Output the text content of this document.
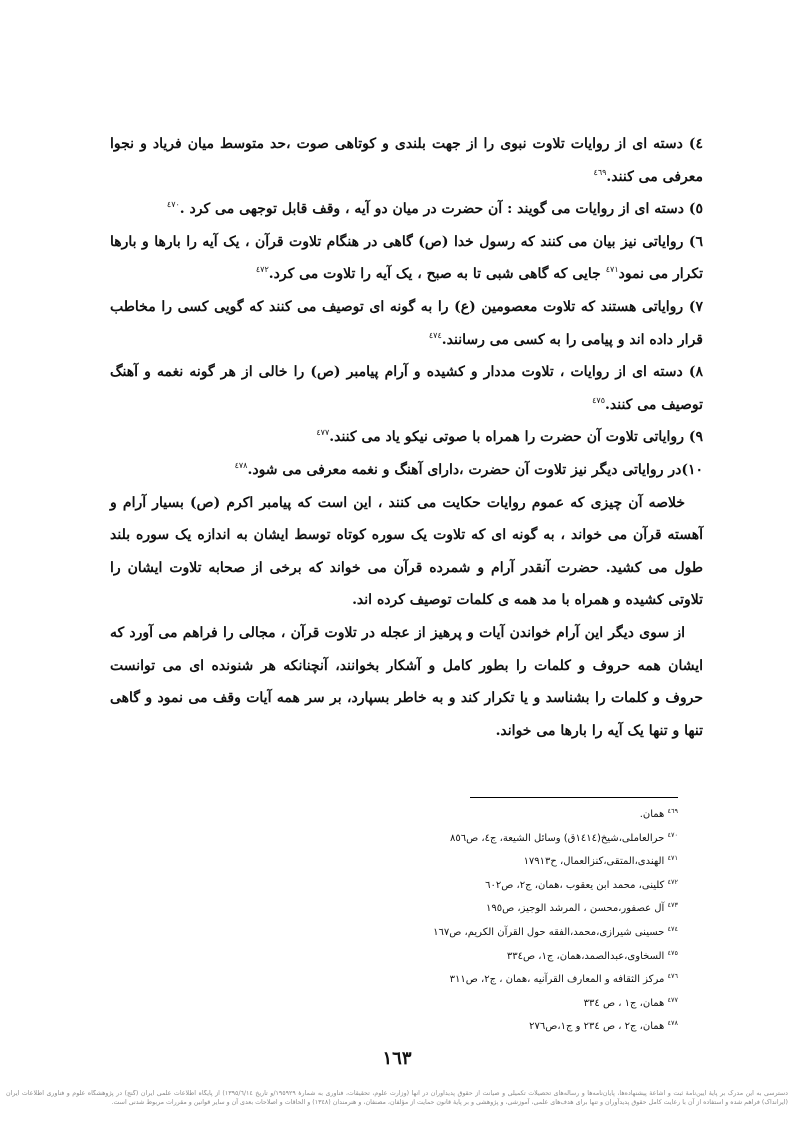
٤) دسته ای از روایات تلاوت نبوی را از جهت بلندی و کوتاهی صوت ،حد متوسط میان فریاد و نجوا معرفی می کنند.$^{٤٦٩}$

٥) دسته ای از روایات می گویند : آن حضرت در میان دو آیه ، وقف قابل توجهی می کرد .$^{٤٧٠}$

٦) روایاتی نیز بیان می کنند که رسول خدا (ص) گاهی در هنگام تلاوت قرآن ، یک آیه را بارها و بارها تکرار می نمود$^{٤٧١}$ جایی که گاهی شبی تا به صبح ، یک آیه را تلاوت می کرد.$^{٤٧٢}$

٧) روایاتی هستند که تلاوت معصومین (ع) را به گونه ای توصیف می کنند که گویی کسی را مخاطب قرار داده اند و پیامی را به کسی می رسانند.$^{٤٧٤}$

٨) دسته ای از روایات ، تلاوت مددار و کشیده و آرام پیامبر (ص) را خالی از هر گونه نغمه و آهنگ توصیف می کنند.$^{٤٧٥}$

٩) روایاتی تلاوت آن حضرت را همراه با صوتی نیکو یاد می کنند.$^{٤٧٧}$

١٠)در روایاتی دیگر نیز تلاوت آن حضرت ،دارای آهنگ و نغمه معرفی می شود.$^{٤٧٨}$

خلاصه آن چیزی که عموم روایات حکایت می کنند ، این است که پیامبر اکرم (ص) بسیار آرام و آهسته قرآن می خواند ، به گونه ای که تلاوت یک سوره کوتاه توسط ایشان به اندازه یک سوره بلند طول می کشید. حضرت آنقدر آرام و شمرده قرآن می خواند که برخی از صحابه تلاوت ایشان را تلاوتی کشیده و همراه با مد همه ی کلمات توصیف کرده اند.

از سوی دیگر این آرام خواندن آیات و پرهیز از عجله در تلاوت قرآن ، مجالی را فراهم می آورد که ایشان همه حروف و کلمات را بطور کامل و آشکار بخوانند، آنچنانکه هر شنونده ای می توانست حروف و کلمات را بشناسد و یا تکرار کند و به خاطر بسپارد، بر سر همه آیات وقف می نمود و گاهی تنها و تنها یک آیه را بارها می خواند.

$^{٤٦٩}$ همان.

$^{٤٧٠}$ حرالعاملی،شیخ(١٤١٤ق) وسائل الشیعة، ج٤، ص٨٥٦

$^{٤٧١}$ الهندی،المتقی،کنزالعمال، ح١٧٩١٣

$^{٤٧٢}$ کلینی، محمد ابن یعقوب ،همان، ج٢، ص٦٠٢

$^{٤٧٣}$ آل عصفور،محسن ، المرشد الوجیز، ص١٩٥

$^{٤٧٤}$ حسینی شیرازی،محمد،الفقه حول القرآن الکریم، ص١٦٧

$^{٤٧٥}$ السخاوی،عبدالصمد،همان، ج١، ص٣٣٤

$^{٤٧٦}$ مرکز الثقافه و المعارف القرآنیه ،همان ، ج٢، ص٣١١

$^{٤٧٧}$ همان، ج١ ، ص ٣٣٤

$^{٤٧٨}$ همان، ج٢ ، ص ٢٣٤ و ج١،ص٢٧٦

١٦٣
دسترسی به این مدرک بر پایهٔ آیین‌نامهٔ ثبت و اشاعهٔ پیشنهاده‌ها، پایان‌نامه‌ها و رساله‌های تحصیلات تکمیلی و صیانت از حقوق پدیدآوران در آنها (وزارت علوم، تحقیقات، فناوری به شمارهٔ ١٩٥٩٢٩/و تاریخ ١٣٩٥/٦/١٤) از پایگاه اطلاعات علمی ایران (گنج) در پژوهشگاه علوم و فناوری اطلاعات ایران (ایرانداک) فراهم شده و استفاده از آن با رعایت کامل حقوق پدیدآوران و تنها برای هدف‌های علمی، آموزشی، و پژوهشی و بر پایهٔ قانون حمایت از مؤلفان، مصنفان، و هنرمندان (١٣٤٨) و الحاقات و اصلاحات بعدی آن و سایر قوانین و مقررات مربوط شدنی است.
